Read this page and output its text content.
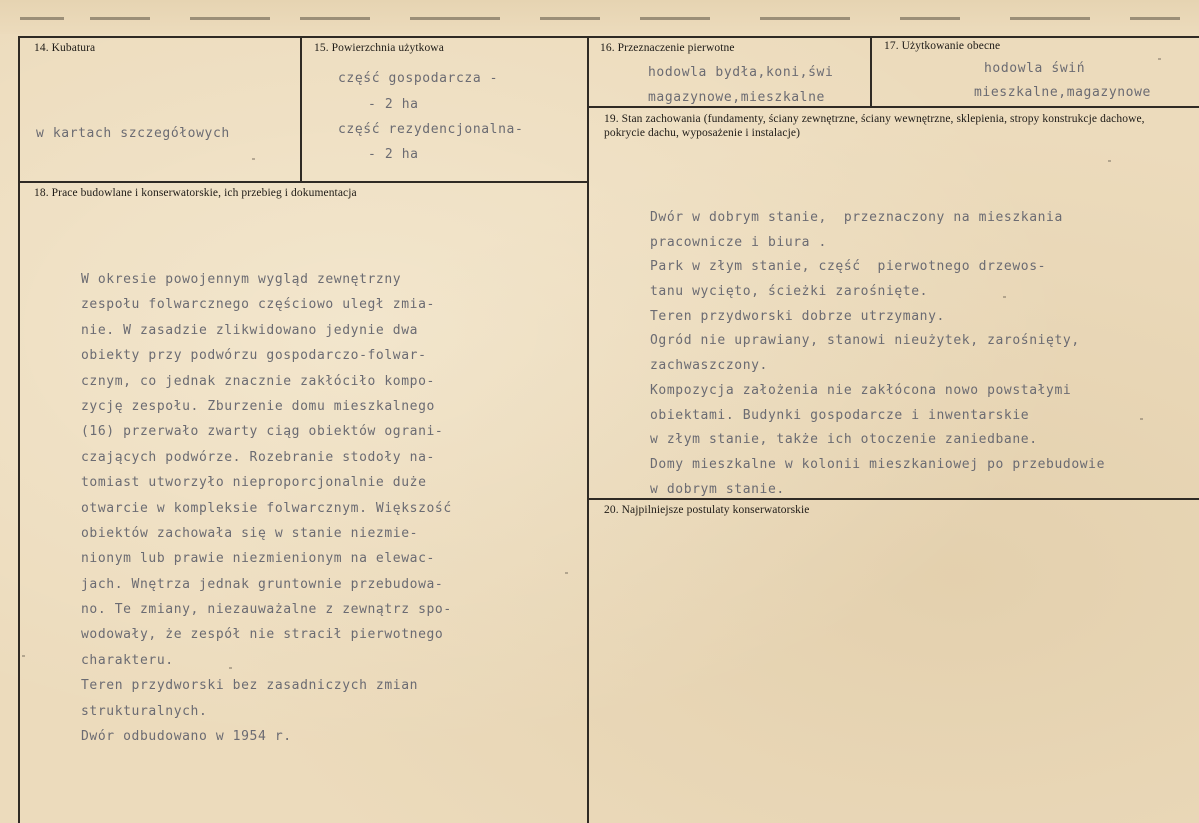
14. Kubatura
w kartach szczegółowych
15. Powierzchnia użytkowa
część gospodarcza -
- 2 ha
część rezydencjonalna-
- 2 ha
16. Przeznaczenie pierwotne
hodowla bydła,koni,świ
magazynowe,mieszkalne
17. Użytkowanie obecne
hodowla świń
mieszkalne,magazynowe
18. Prace budowlane i konserwatorskie, ich przebieg i dokumentacja
W okresie powojennym wygląd zewnętrzny
zespołu folwarcznego częściowo uległ zmia-
nie. W zasadzie zlikwidowano jedynie dwa
obiekty przy podwórzu gospodarczo-folwar-
cznym, co jednak znacznie zakłóciło kompo-
zycję zespołu. Zburzenie domu mieszkalnego
(16) przerwało zwarty ciąg obiektów ograni-
czających podwórze. Rozebranie stodoły na-
tomiast utworzyło nieproporcjonalnie duże
otwarcie w kompleksie folwarcznym. Większość
obiektów zachowała się w stanie niezmie-
nionym lub prawie niezmienionym na elewac-
jach. Wnętrza jednak gruntownie przebudowa-
no. Te zmiany, niezauważalne z zewnątrz spo-
wodowały, że zespół nie stracił pierwotnego
charakteru.
Teren przydworski bez zasadniczych zmian
strukturalnych.
Dwór odbudowano w 1954 r.
19. Stan zachowania (fundamenty, ściany zewnętrzne, ściany wewnętrzne, sklepienia, stropy konstrukcje dachowe, pokrycie dachu, wyposażenie i instalacje)
Dwór w dobrym stanie,  przeznaczony na mieszkania
pracownicze i biura .
Park w złym stanie, część  pierwotnego drzewos-
tanu wycięto, ścieżki zarośnięte.
Teren przydworski dobrze utrzymany.
Ogród nie uprawiany, stanowi nieużytek, zarośnięty,
zachwaszczony.
Kompozycja założenia nie zakłócona nowo powstałymi
obiektami. Budynki gospodarcze i inwentarskie
w złym stanie, także ich otoczenie zaniedbane.
Domy mieszkalne w kolonii mieszkaniowej po przebudowie
w dobrym stanie.
20. Najpilniejsze postulaty konserwatorskie
